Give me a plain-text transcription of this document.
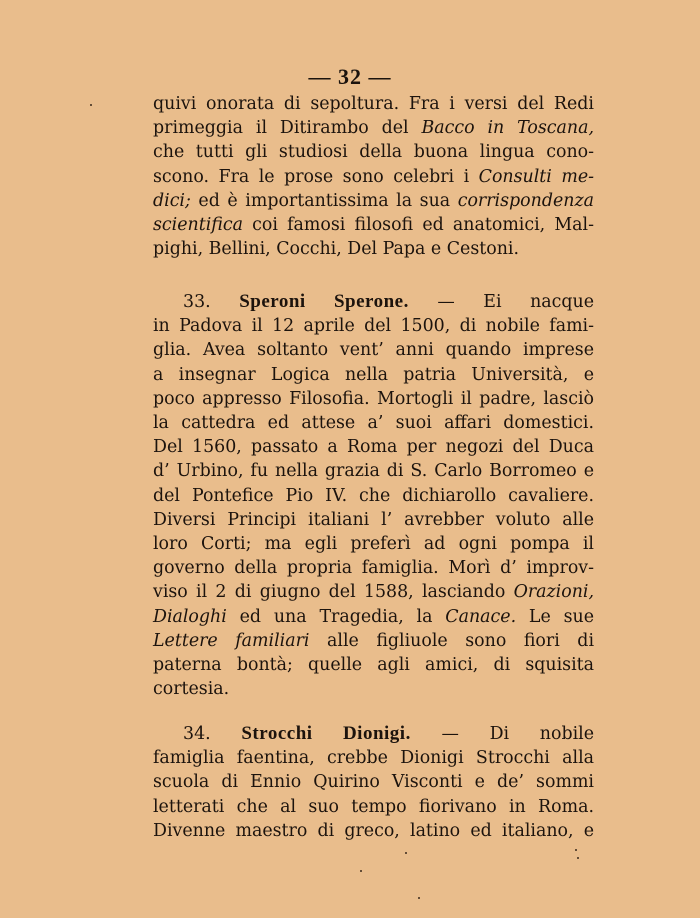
— 32 —
quivi onorata di sepoltura. Fra i versi del Redi
primeggia il Ditirambo del Bacco in Toscana,
che tutti gli studiosi della buona lingua cono-
scono. Fra le prose sono celebri i Consulti me-
dici; ed è importantissima la sua corrispondenza
scientifica coi famosi filosofi ed anatomici, Mal-
pighi, Bellini, Cocchi, Del Papa e Cestoni.
33. Speroni Sperone. — Ei nacque
in Padova il 12 aprile del 1500, di nobile fami-
glia. Avea soltanto vent’ anni quando imprese
a insegnar Logica nella patria Università, e
poco appresso Filosofia. Mortogli il padre, lasciò
la cattedra ed attese a’ suoi affari domestici.
Del 1560, passato a Roma per negozi del Duca
d’ Urbino, fu nella grazia di S. Carlo Borromeo e
del Pontefice Pio IV. che dichiarollo cavaliere.
Diversi Principi italiani l’ avrebber voluto alle
loro Corti; ma egli preferì ad ogni pompa il
governo della propria famiglia. Morì d’ improv-
viso il 2 di giugno del 1588, lasciando Orazioni,
Dialoghi ed una Tragedia, la Canace. Le sue
Lettere familiari alle figliuole sono fiori di
paterna bontà; quelle agli amici, di squisita
cortesia.
34. Strocchi Dionigi. — Di nobile
famiglia faentina, crebbe Dionigi Strocchi alla
scuola di Ennio Quirino Visconti e de’ sommi
letterati che al suo tempo fiorivano in Roma.
Divenne maestro di greco, latino ed italiano, e
